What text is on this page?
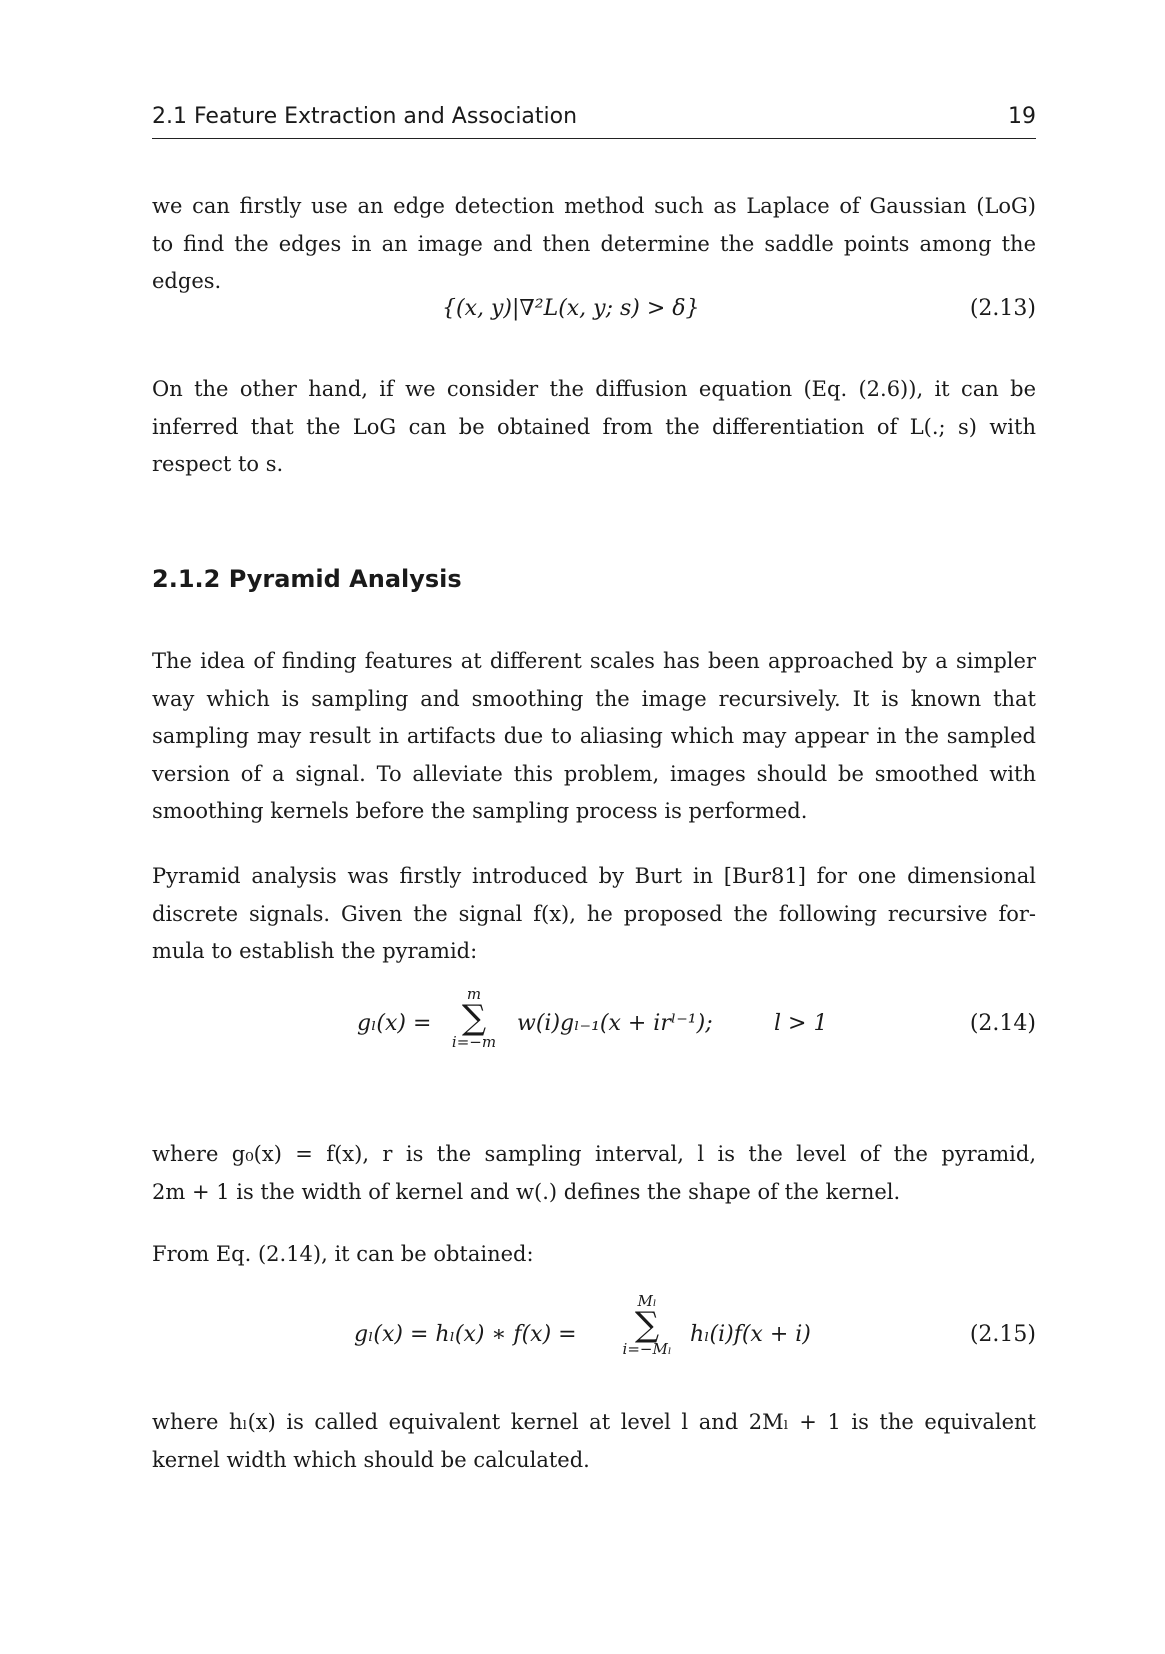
2.1 Feature Extraction and Association	19

we can firstly use an edge detection method such as Laplace of Gaussian (LoG)
to find the edges in an image and then determine the saddle points among the
edges.

{(x, y)|∇²L(x, y; s) > δ}	(2.13)

On the other hand, if we consider the diffusion equation (Eq. (2.6)), it can be
inferred that the LoG can be obtained from the differentiation of L(.; s) with
respect to s.

2.1.2 Pyramid Analysis

The idea of finding features at different scales has been approached by a simpler
way which is sampling and smoothing the image recursively. It is known that
sampling may result in artifacts due to aliasing which may appear in the sampled
version of a signal. To alleviate this problem, images should be smoothed with
smoothing kernels before the sampling process is performed.

Pyramid analysis was firstly introduced by Burt in [Bur81] for one dimensional
discrete signals. Given the signal f(x), he proposed the following recursive for-
mula to establish the pyramid:

gₗ(x) =
m
∑
i=−m
w(i)gₗ₋₁(x + irˡ⁻¹);	l > 1	(2.14)

where g₀(x) = f(x), r is the sampling interval, l is the level of the pyramid,
2m + 1 is the width of kernel and w(.) defines the shape of the kernel.

From Eq. (2.14), it can be obtained:

gₗ(x) = hₗ(x) ∗ f(x) =
Mₗ
∑
i=−Mₗ
hₗ(i)f(x + i)	(2.15)

where hₗ(x) is called equivalent kernel at level l and 2Mₗ + 1 is the equivalent
kernel width which should be calculated.
